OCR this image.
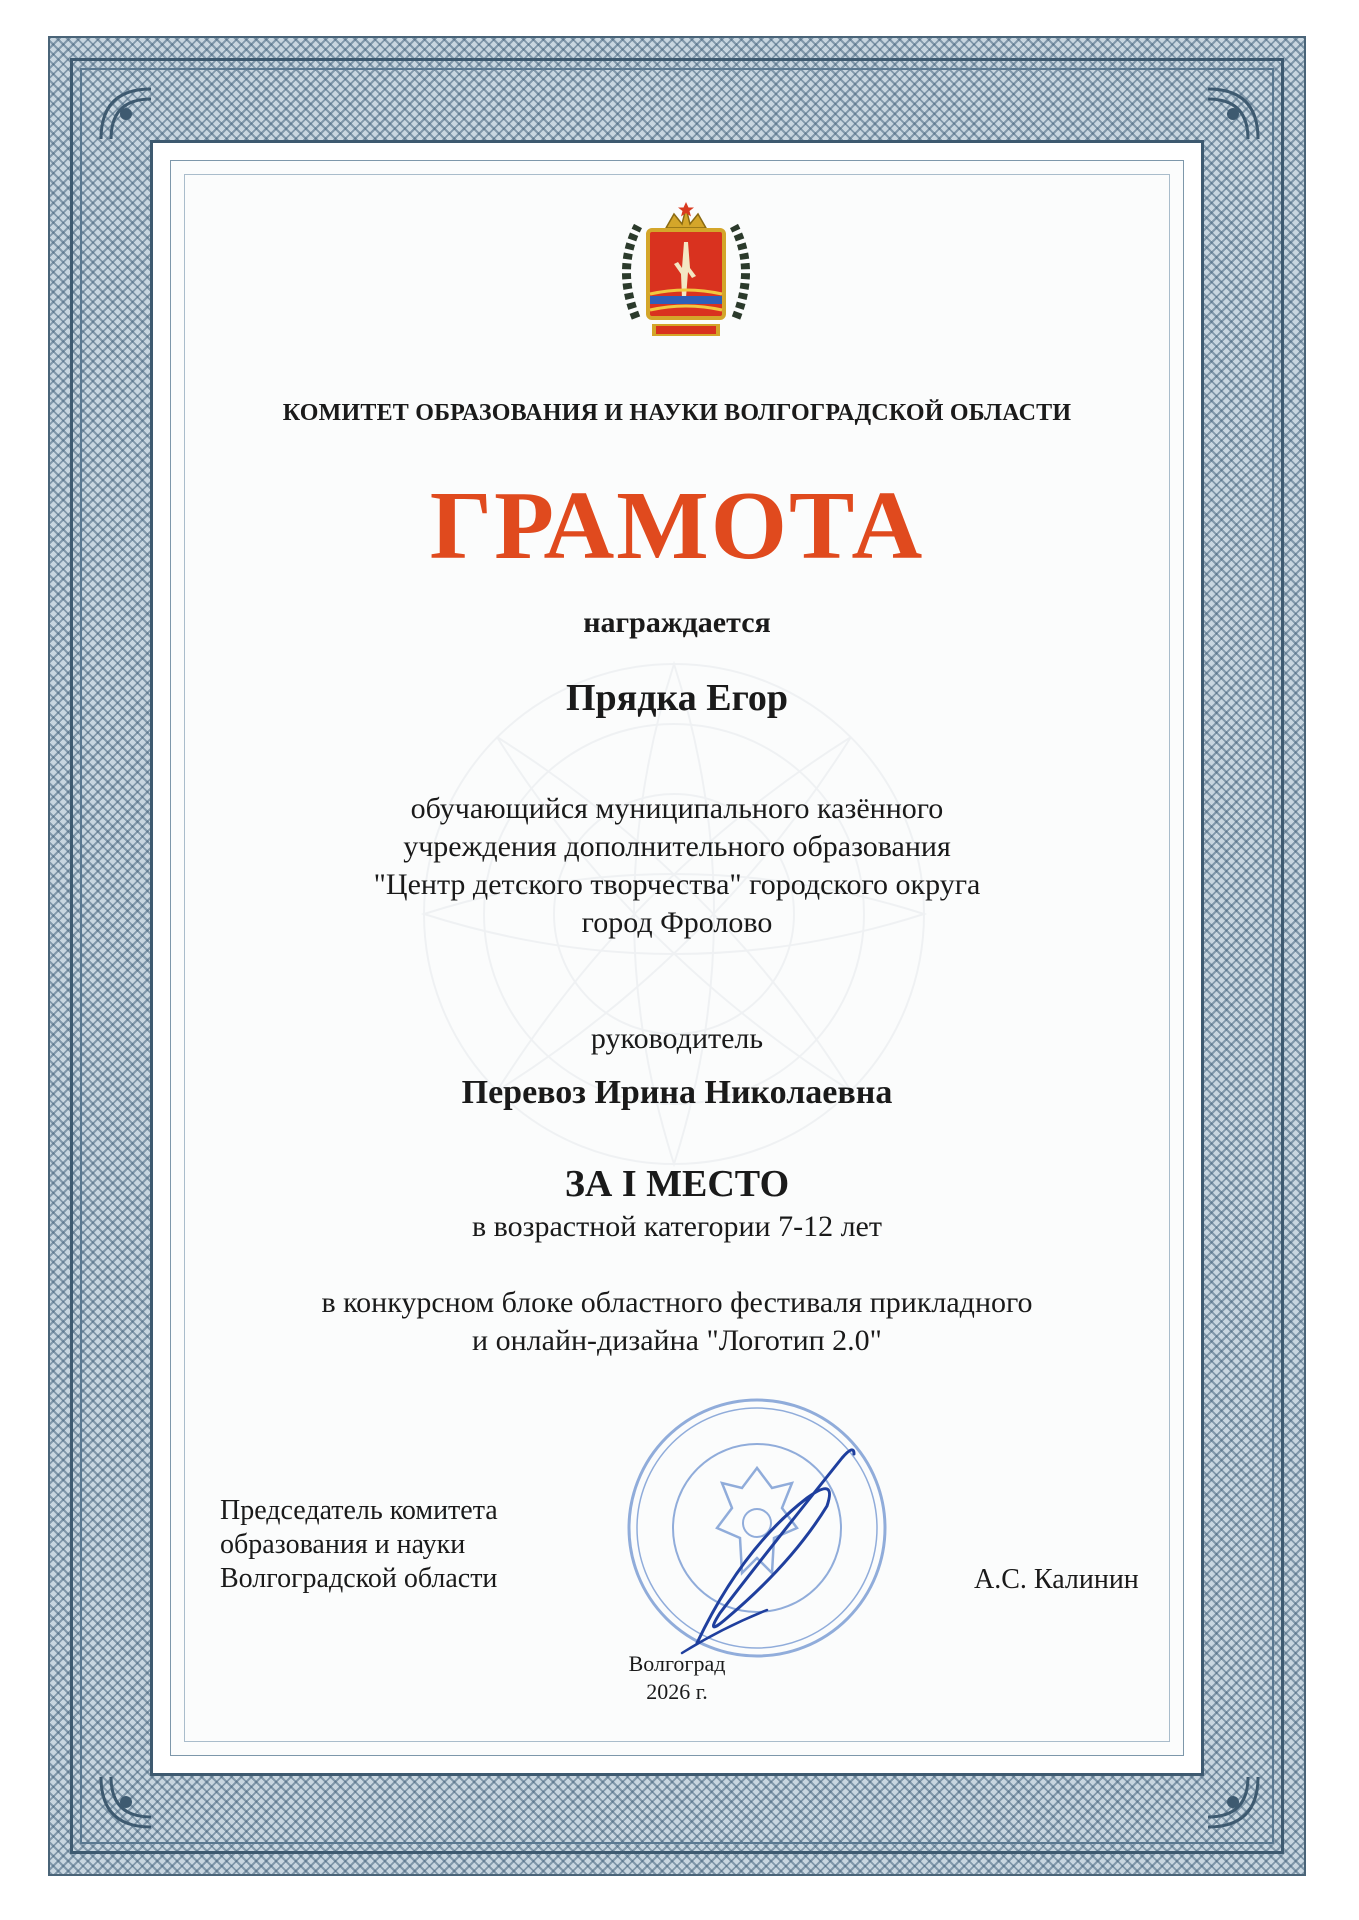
КОМИТЕТ ОБРАЗОВАНИЯ И НАУКИ ВОЛГОГРАДСКОЙ ОБЛАСТИ
ГРАМОТА
награждается
Прядка Егор
обучающийся муниципального казённого
учреждения дополнительного образования
"Центр детского творчества" городского округа
город Фролово
руководитель
Перевоз Ирина Николаевна
ЗА I МЕСТО
в возрастной категории 7-12 лет
в конкурсном блоке областного фестиваля прикладного
и онлайн-дизайна "Логотип 2.0"
Председатель комитета
образования и науки
Волгоградской области	А.С. Калинин
Волгоград
2026 г.
